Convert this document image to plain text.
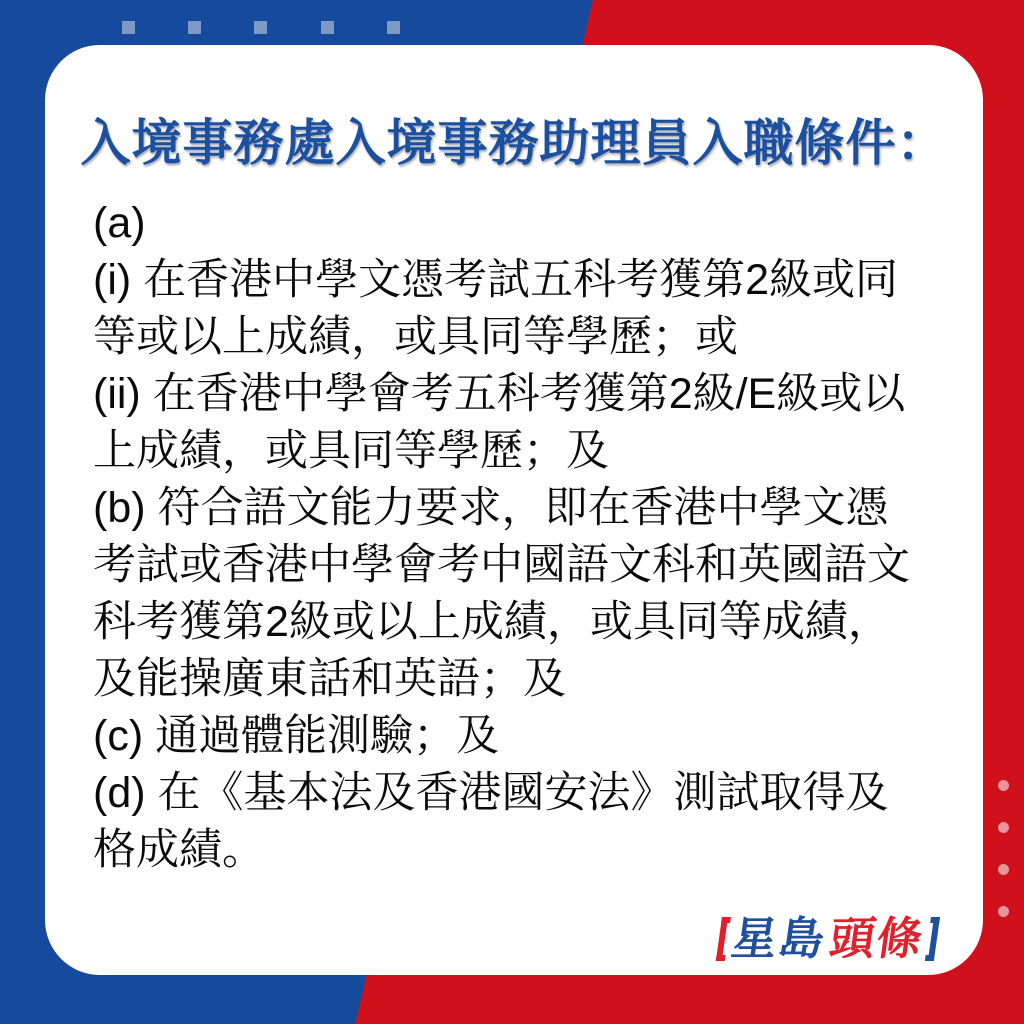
入境事務處入境事務助理員入職條件：
(a)
(i) 在香港中學文憑考試五科考獲第2級或同
等或以上成績，或具同等學歷；或
(ii) 在香港中學會考五科考獲第2級/E級或以
上成績，或具同等學歷；及
(b) 符合語文能力要求，即在香港中學文憑
考試或香港中學會考中國語文科和英國語文
科考獲第2級或以上成績，或具同等成績，
及能操廣東話和英語；及
(c) 通過體能測驗；及
(d) 在《基本法及香港國安法》測試取得及
格成績。
星島
頭條
